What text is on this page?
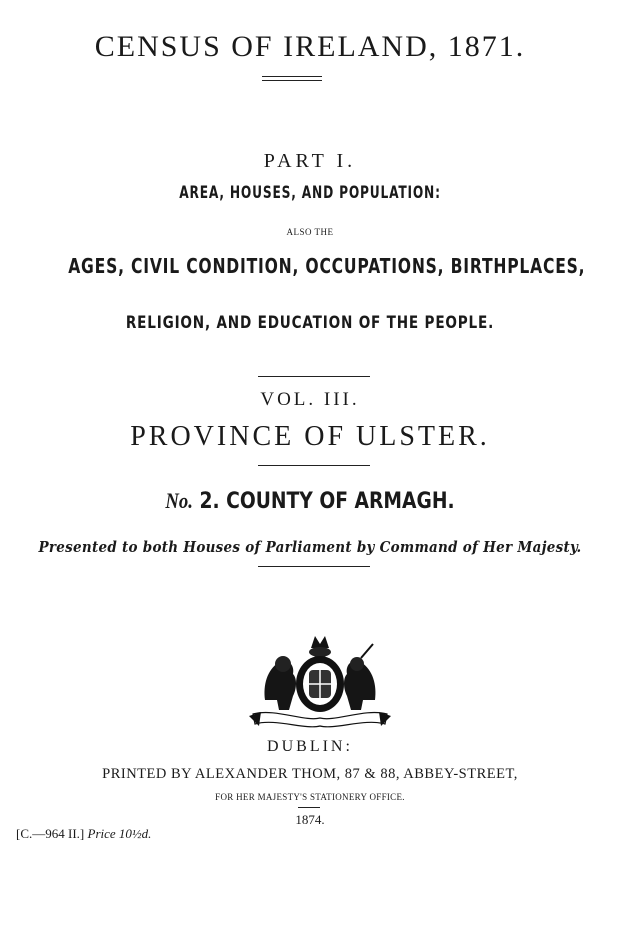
CENSUS OF IRELAND, 1871.
PART I.
AREA, HOUSES, AND POPULATION:
ALSO THE
AGES, CIVIL CONDITION, OCCUPATIONS, BIRTHPLACES,
RELIGION, AND EDUCATION OF THE PEOPLE.
VOL. III.
PROVINCE OF ULSTER.
No. 2. COUNTY OF ARMAGH.
Presented to both Houses of Parliament by Command of Her Majesty.
DUBLIN:
PRINTED BY ALEXANDER THOM, 87 & 88, ABBEY-STREET,
FOR HER MAJESTY'S STATIONERY OFFICE.
1874.
[C.—964 II.] Price 10½d.
